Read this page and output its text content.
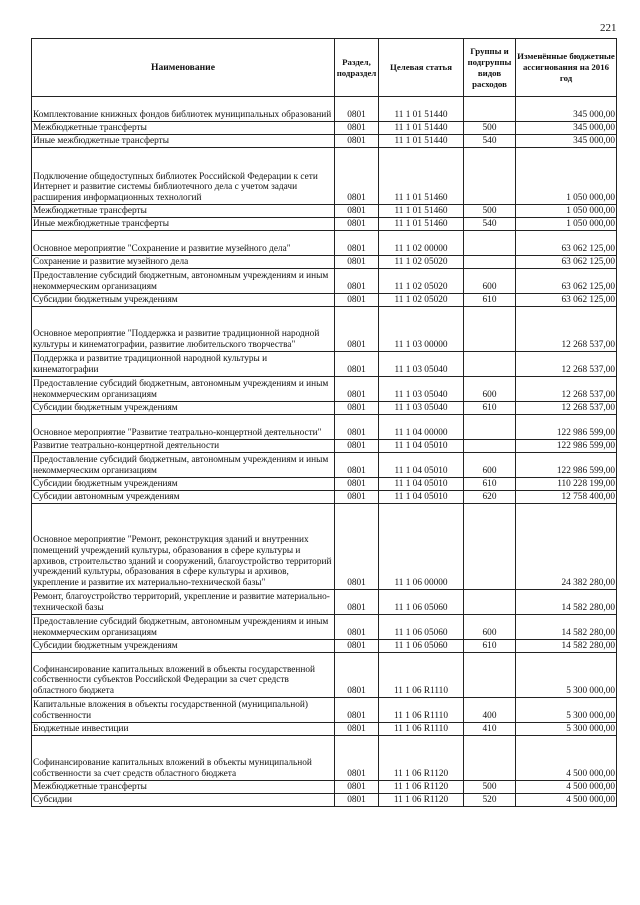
221
Наименование	Раздел, подраздел	Целевая статья	Группы и подгруппы видов расходов	Изменённые бюджетные ассигнования на 2016 год
Комплектование книжных фондов библиотек муниципальных образований	0801	11 1 01 51440		345 000,00
Межбюджетные трансферты	0801	11 1 01 51440	500	345 000,00
Иные межбюджетные трансферты	0801	11 1 01 51440	540	345 000,00
Подключение общедоступных библиотек Российской Федерации к сети Интернет и развитие системы библиотечного дела с учетом задачи расширения информационных технологий	0801	11 1 01 51460		1 050 000,00
Межбюджетные трансферты	0801	11 1 01 51460	500	1 050 000,00
Иные межбюджетные трансферты	0801	11 1 01 51460	540	1 050 000,00
Основное мероприятие "Сохранение и развитие музейного дела"	0801	11 1 02 00000		63 062 125,00
Сохранение и развитие музейного дела	0801	11 1 02 05020		63 062 125,00
Предоставление субсидий бюджетным, автономным учреждениям и иным некоммерческим организациям	0801	11 1 02 05020	600	63 062 125,00
Субсидии бюджетным учреждениям	0801	11 1 02 05020	610	63 062 125,00
Основное мероприятие "Поддержка и развитие традиционной народной культуры и кинематографии, развитие любительского творчества"	0801	11 1 03 00000		12 268 537,00
Поддержка и развитие традиционной народной культуры и кинематографии	0801	11 1 03 05040		12 268 537,00
Предоставление субсидий бюджетным, автономным учреждениям и иным некоммерческим организациям	0801	11 1 03 05040	600	12 268 537,00
Субсидии бюджетным учреждениям	0801	11 1 03 05040	610	12 268 537,00
Основное мероприятие "Развитие театрально-концертной деятельности"	0801	11 1 04 00000		122 986 599,00
Развитие театрально-концертной деятельности	0801	11 1 04 05010		122 986 599,00
Предоставление субсидий бюджетным, автономным учреждениям и иным некоммерческим организациям	0801	11 1 04 05010	600	122 986 599,00
Субсидии бюджетным учреждениям	0801	11 1 04 05010	610	110 228 199,00
Субсидии автономным учреждениям	0801	11 1 04 05010	620	12 758 400,00
Основное мероприятие "Ремонт, реконструкция зданий и внутренних помещений учреждений культуры, образования в сфере культуры и архивов, строительство зданий и сооружений, благоустройство территорий учреждений культуры, образования в сфере культуры и архивов, укрепление и развитие их материально-технической базы"	0801	11 1 06 00000		24 382 280,00
Ремонт, благоустройство территорий, укрепление и развитие материально-технической базы	0801	11 1 06 05060		14 582 280,00
Предоставление субсидий бюджетным, автономным учреждениям и иным некоммерческим организациям	0801	11 1 06 05060	600	14 582 280,00
Субсидии бюджетным учреждениям	0801	11 1 06 05060	610	14 582 280,00
Софинансирование капитальных вложений в объекты государственной собственности субъектов Российской Федерации за счет средств областного бюджета	0801	11 1 06 R1110		5 300 000,00
Капитальные вложения в объекты государственной (муниципальной) собственности	0801	11 1 06 R1110	400	5 300 000,00
Бюджетные инвестиции	0801	11 1 06 R1110	410	5 300 000,00
Софинансирование капитальных вложений в объекты муниципальной собственности за счет средств областного бюджета	0801	11 1 06 R1120		4 500 000,00
Межбюджетные трансферты	0801	11 1 06 R1120	500	4 500 000,00
Субсидии	0801	11 1 06 R1120	520	4 500 000,00
